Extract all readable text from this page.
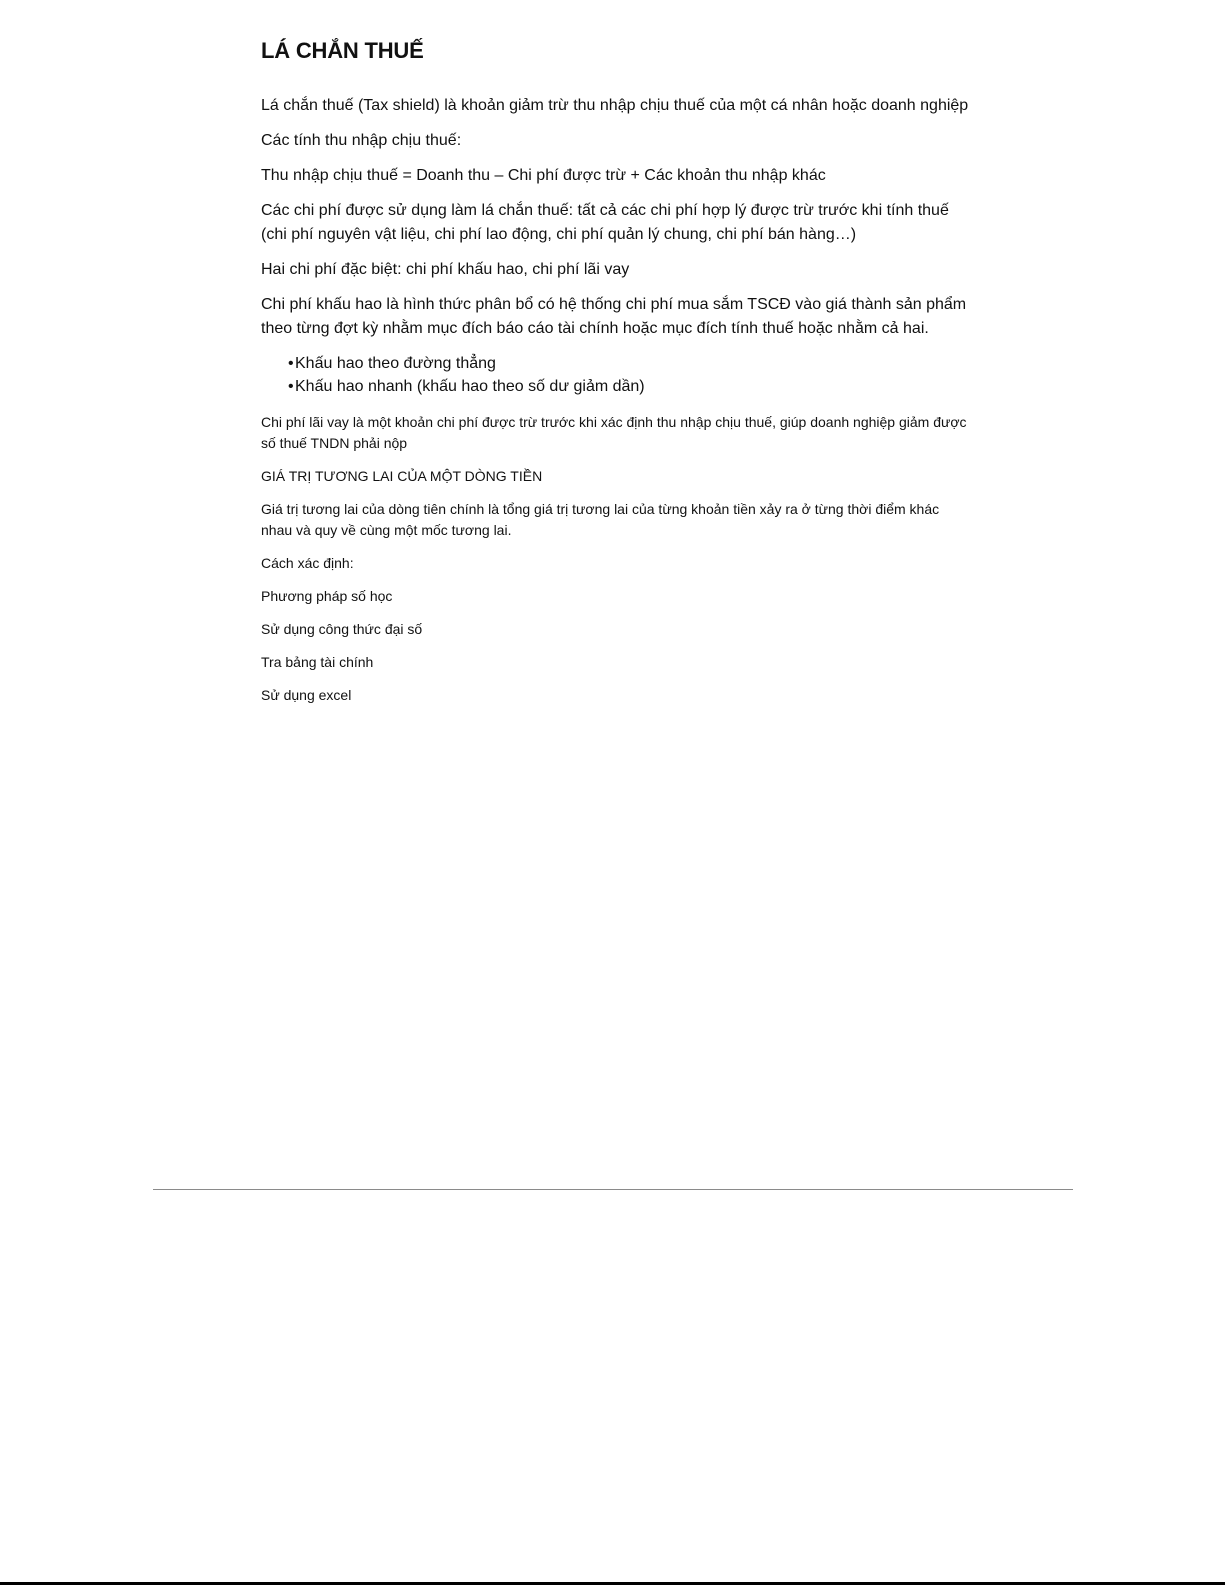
LÁ CHẮN THUẾ

Lá chắn thuế (Tax shield) là khoản giảm trừ thu nhập chịu thuế của một cá nhân hoặc doanh nghiệp

Các tính thu nhập chịu thuế:

Thu nhập chịu thuế = Doanh thu – Chi phí được trừ + Các khoản thu nhập khác

Các chi phí được sử dụng làm lá chắn thuế: tất cả các chi phí hợp lý được trừ trước khi tính thuế (chi phí nguyên vật liệu, chi phí lao động, chi phí quản lý chung, chi phí bán hàng…)

Hai chi phí đặc biệt: chi phí khấu hao, chi phí lãi vay

Chi phí khấu hao là hình thức phân bổ có hệ thống chi phí mua sắm TSCĐ vào giá thành sản phẩm theo từng đợt kỳ nhằm mục đích báo cáo tài chính hoặc mục đích tính thuế hoặc nhằm cả hai.

•Khấu hao theo đường thẳng
•Khấu hao nhanh (khấu hao theo số dư giảm dần)

Chi phí lãi vay là một khoản chi phí được trừ trước khi xác định thu nhập chịu thuế, giúp doanh nghiệp giảm được số thuế TNDN phải nộp

GIÁ TRỊ TƯƠNG LAI CỦA MỘT DÒNG TIỀN

Giá trị tương lai của dòng tiên chính là tổng giá trị tương lai của từng khoản tiền xảy ra ở từng thời điểm khác nhau và quy về cùng một mốc tương lai.

Cách xác định:

Phương pháp số học

Sử dụng công thức đại số

Tra bảng tài chính

Sử dụng excel
